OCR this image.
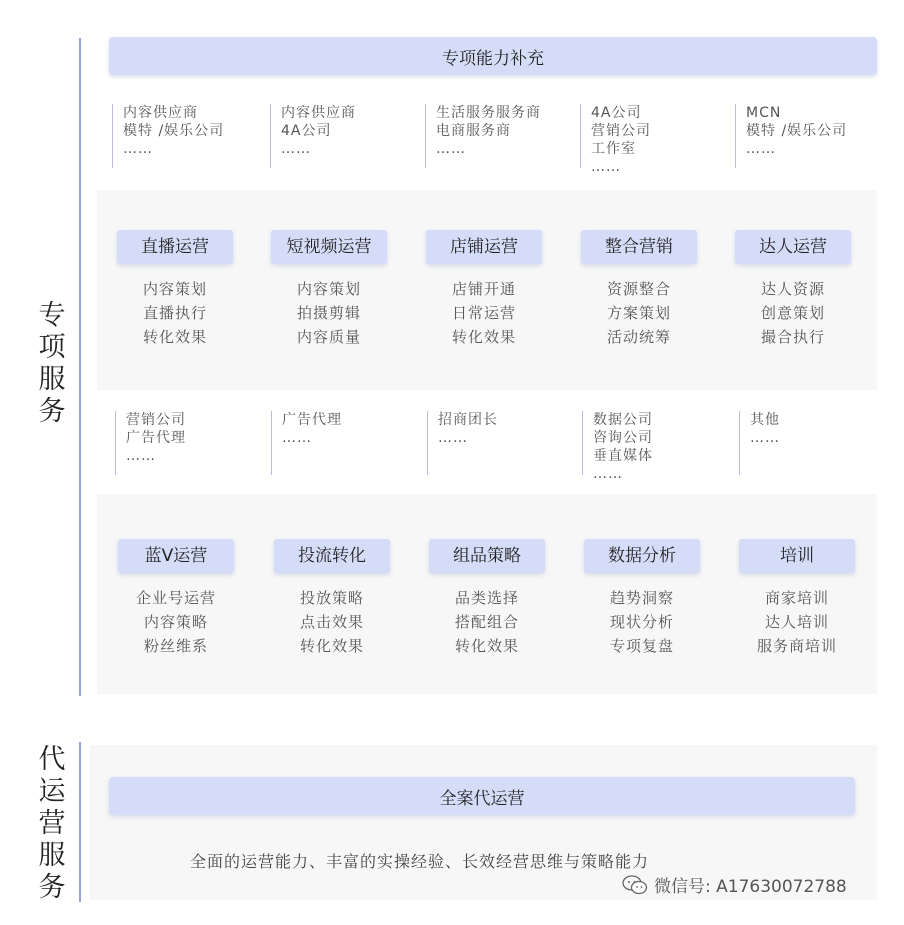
专项服务
专项能力补充
代运营服务
全案代运营
全面的运营能力、丰富的实操经验、长效经营思维与策略能力
微信号: A17630072788
内容供应商
模特 /娱乐公司
……
内容供应商
4A公司
……
生活服务服务商
电商服务商
……
4A公司
营销公司
工作室
……
MCN
模特 /娱乐公司
……
直播运营
内容策划
直播执行
转化效果
短视频运营
内容策划
拍摄剪辑
内容质量
店铺运营
店铺开通
日常运营
转化效果
整合营销
资源整合
方案策划
活动统筹
达人运营
达人资源
创意策划
撮合执行
营销公司
广告代理
……
广告代理
……
招商团长
……
数据公司
咨询公司
垂直媒体
……
其他
……
蓝V运营
企业号运营
内容策略
粉丝维系
投流转化
投放策略
点击效果
转化效果
组品策略
品类选择
搭配组合
转化效果
数据分析
趋势洞察
现状分析
专项复盘
培训
商家培训
达人培训
服务商培训
